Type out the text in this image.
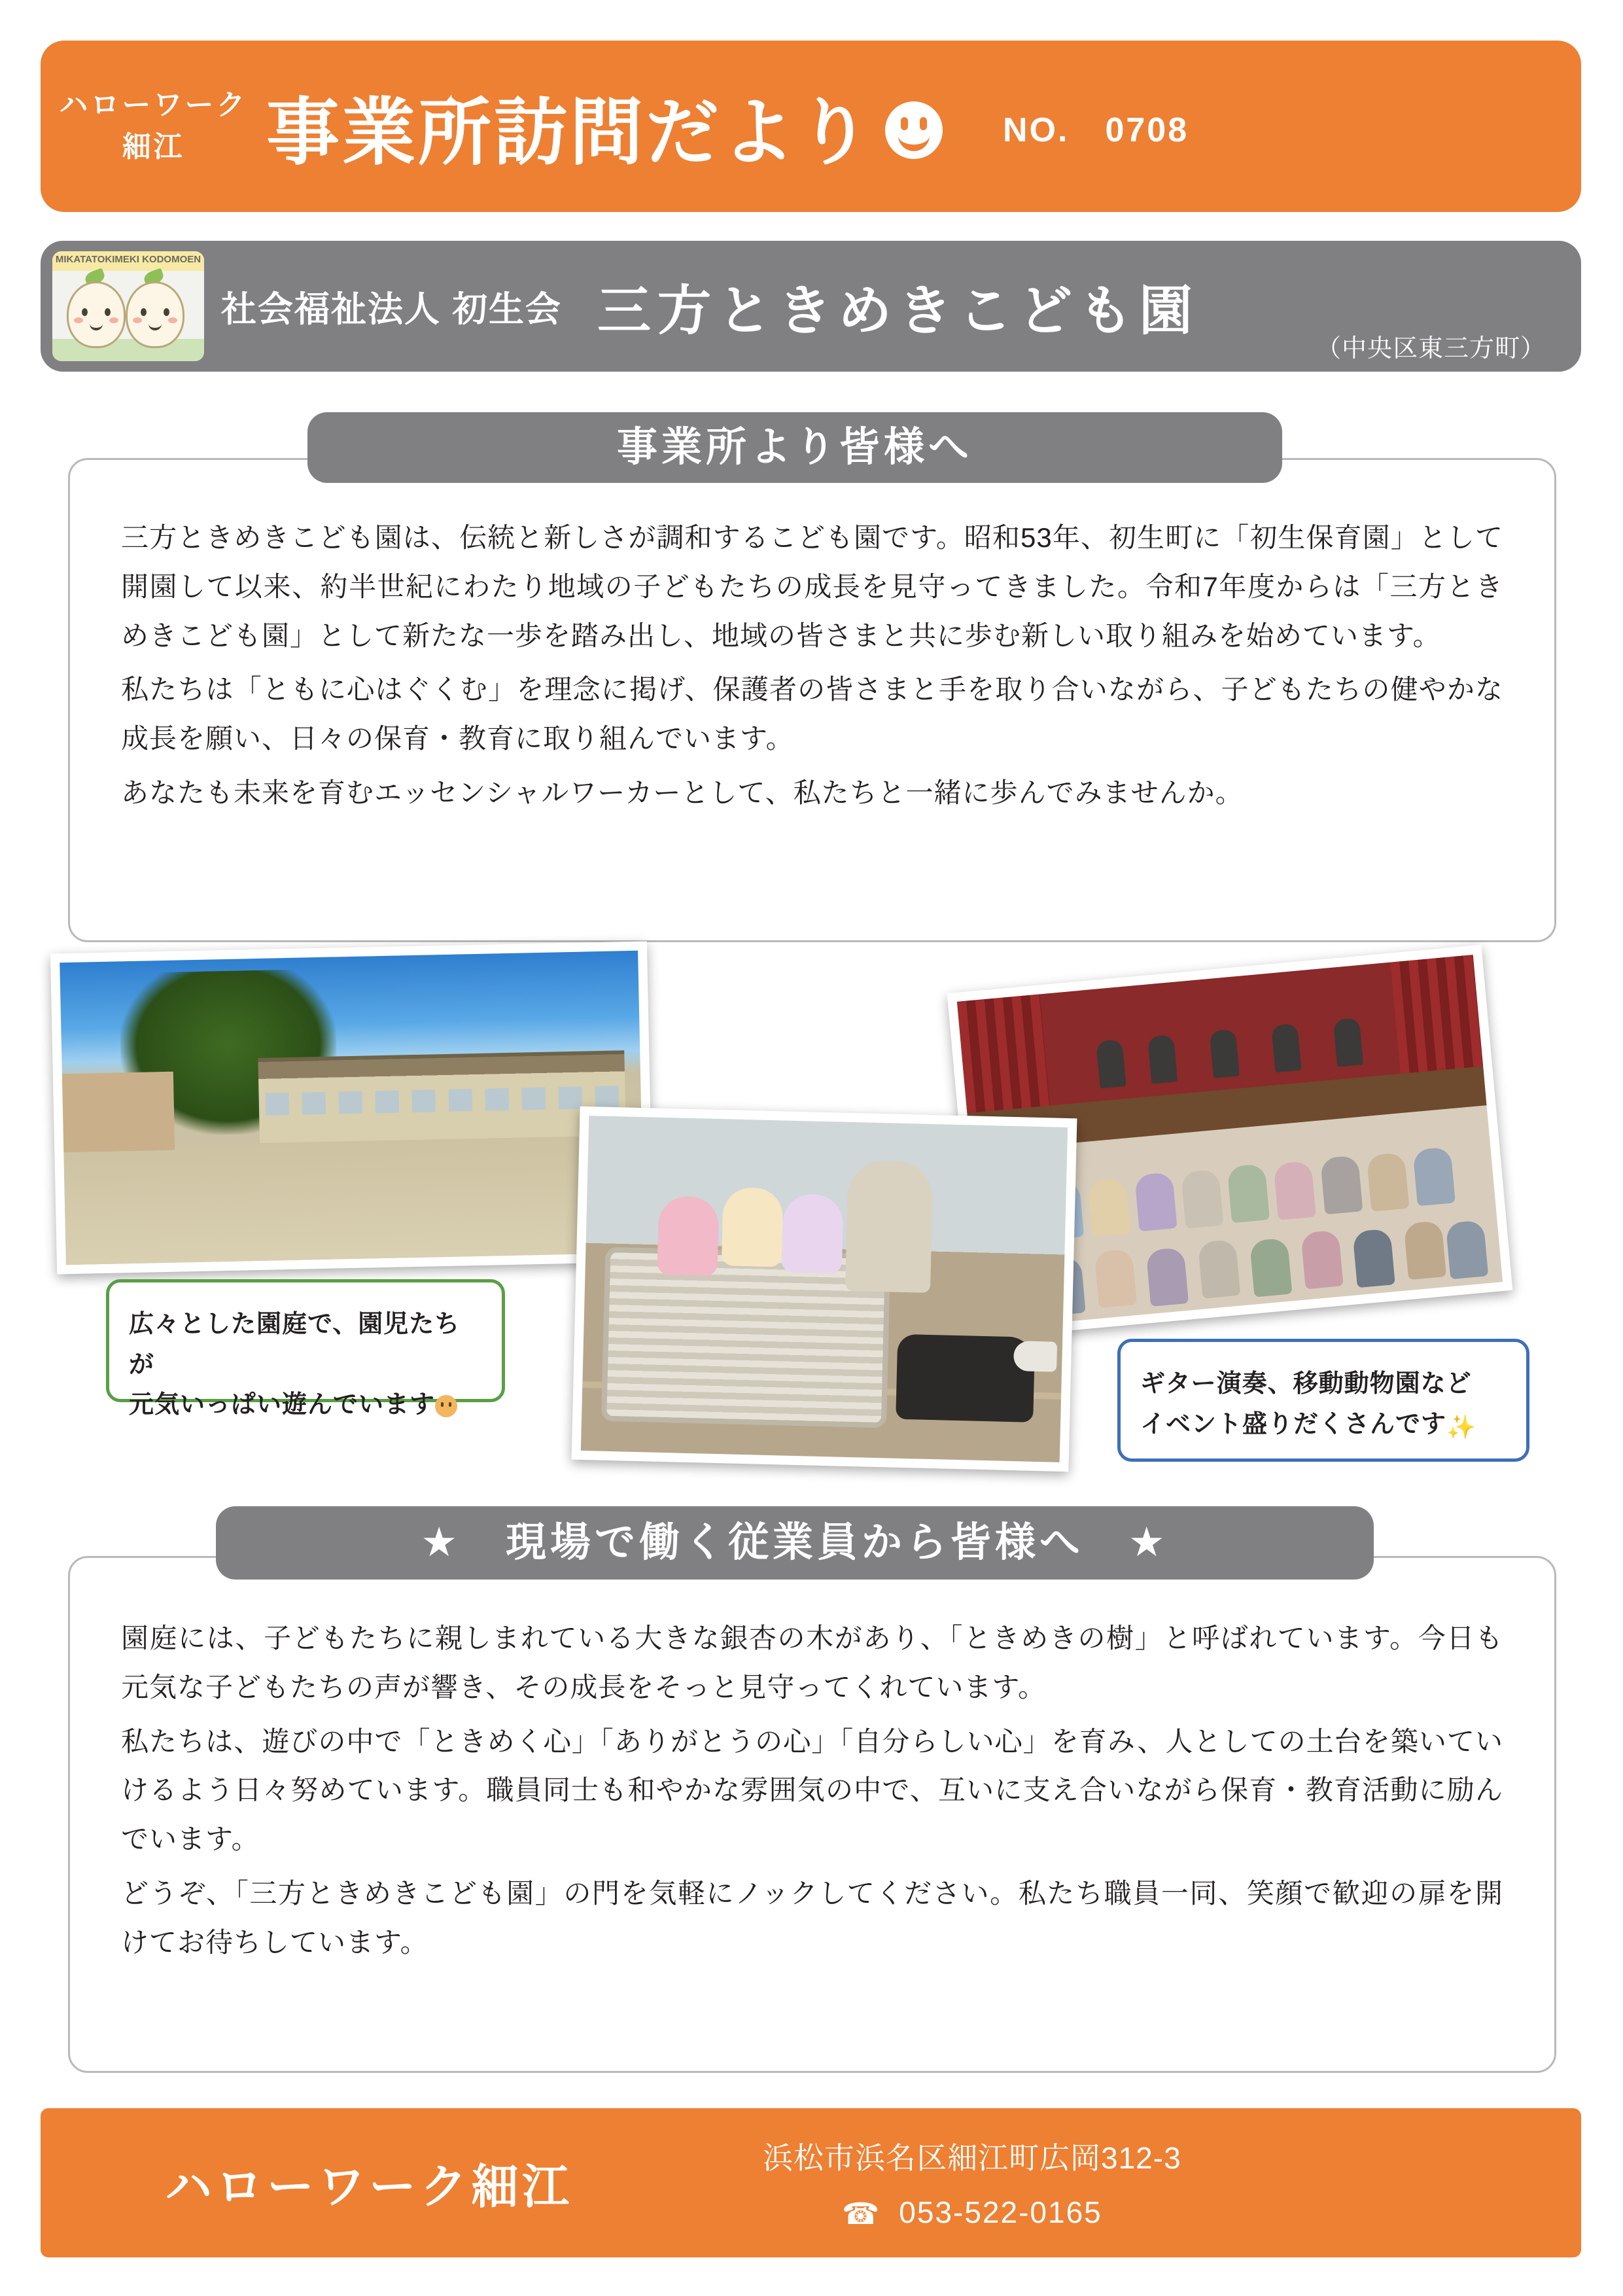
ハローワーク
細江	事業所訪問だより	NO.　0708
MIKATATOKIMEKI KODOMOEN
社会福祉法人 初生会 三方ときめきこども園
（中央区東三方町）

三方ときめきこども園は、伝統と新しさが調和するこども園です。昭和53年、初生町に「初生保育園」として開園して以来、約半世紀にわたり地域の子どもたちの成長を見守ってきました。令和7年度からは「三方ときめきこども園」として新たな一歩を踏み出し、地域の皆さまと共に歩む新しい取り組みを始めています。

私たちは「ともに心はぐくむ」を理念に掲げ、保護者の皆さまと手を取り合いながら、子どもたちの健やかな成長を願い、日々の保育・教育に取り組んでいます。

あなたも未来を育むエッセンシャルワーカーとして、私たちと一緒に歩んでみませんか。

事業所より皆様へ
広々とした園庭で、園児たちが
元気いっぱい遊んでいます
ギター演奏、移動動物園など
イベント盛りだくさんです✨

園庭には、子どもたちに親しまれている大きな銀杏の木があり、「ときめきの樹」と呼ばれています。今日も元気な子どもたちの声が響き、その成長をそっと見守ってくれています。

私たちは、遊びの中で「ときめく心」「ありがとうの心」「自分らしい心」を育み、人としての土台を築いていけるよう日々努めています。職員同士も和やかな雰囲気の中で、互いに支え合いながら保育・教育活動に励んでいます。

どうぞ、「三方ときめきこども園」の門を気軽にノックしてください。私たち職員一同、笑顔で歓迎の扉を開けてお待ちしています。

★　現場で働く従業員から皆様へ　★
ハローワーク細江
浜松市浜名区細江町広岡312-3
☎ 053-522-0165
